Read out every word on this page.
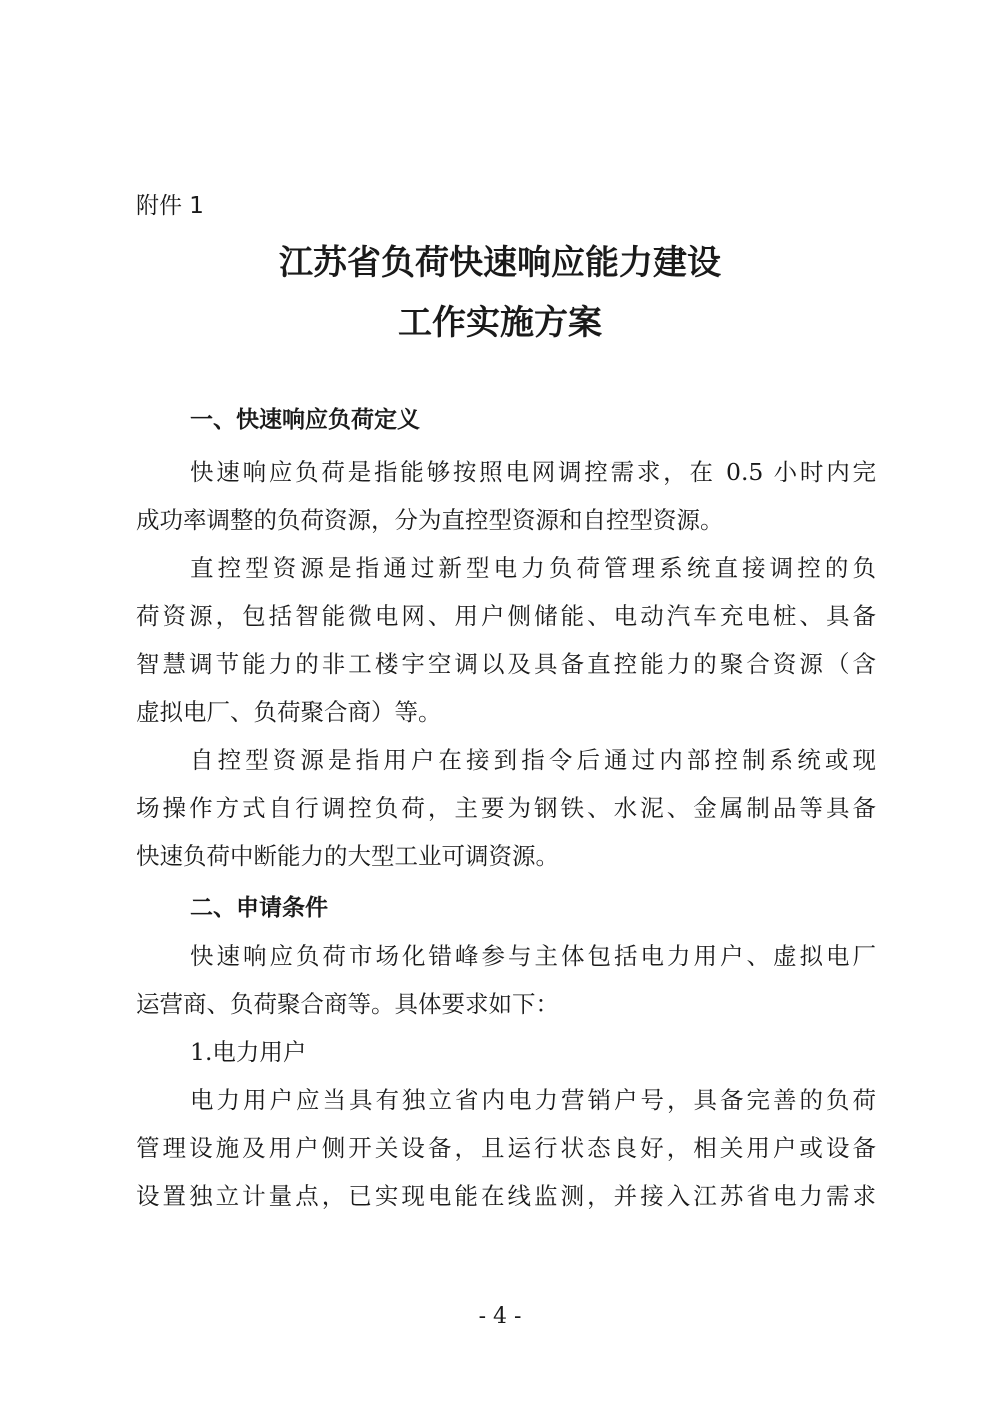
附件 1
江苏省负荷快速响应能力建设
工作实施方案
一、快速响应负荷定义
快速响应负荷是指能够按照电网调控需求，在 0.5 小时内完
成功率调整的负荷资源，分为直控型资源和自控型资源。
直控型资源是指通过新型电力负荷管理系统直接调控的负
荷资源，包括智能微电网、用户侧储能、电动汽车充电桩、具备
智慧调节能力的非工楼宇空调以及具备直控能力的聚合资源（含
虚拟电厂、负荷聚合商）等。
自控型资源是指用户在接到指令后通过内部控制系统或现
场操作方式自行调控负荷，主要为钢铁、水泥、金属制品等具备
快速负荷中断能力的大型工业可调资源。
二、申请条件
快速响应负荷市场化错峰参与主体包括电力用户、虚拟电厂
运营商、负荷聚合商等。具体要求如下：
1.电力用户
电力用户应当具有独立省内电力营销户号，具备完善的负荷
管理设施及用户侧开关设备，且运行状态良好，相关用户或设备
设置独立计量点，已实现电能在线监测，并接入江苏省电力需求
- 4 -
